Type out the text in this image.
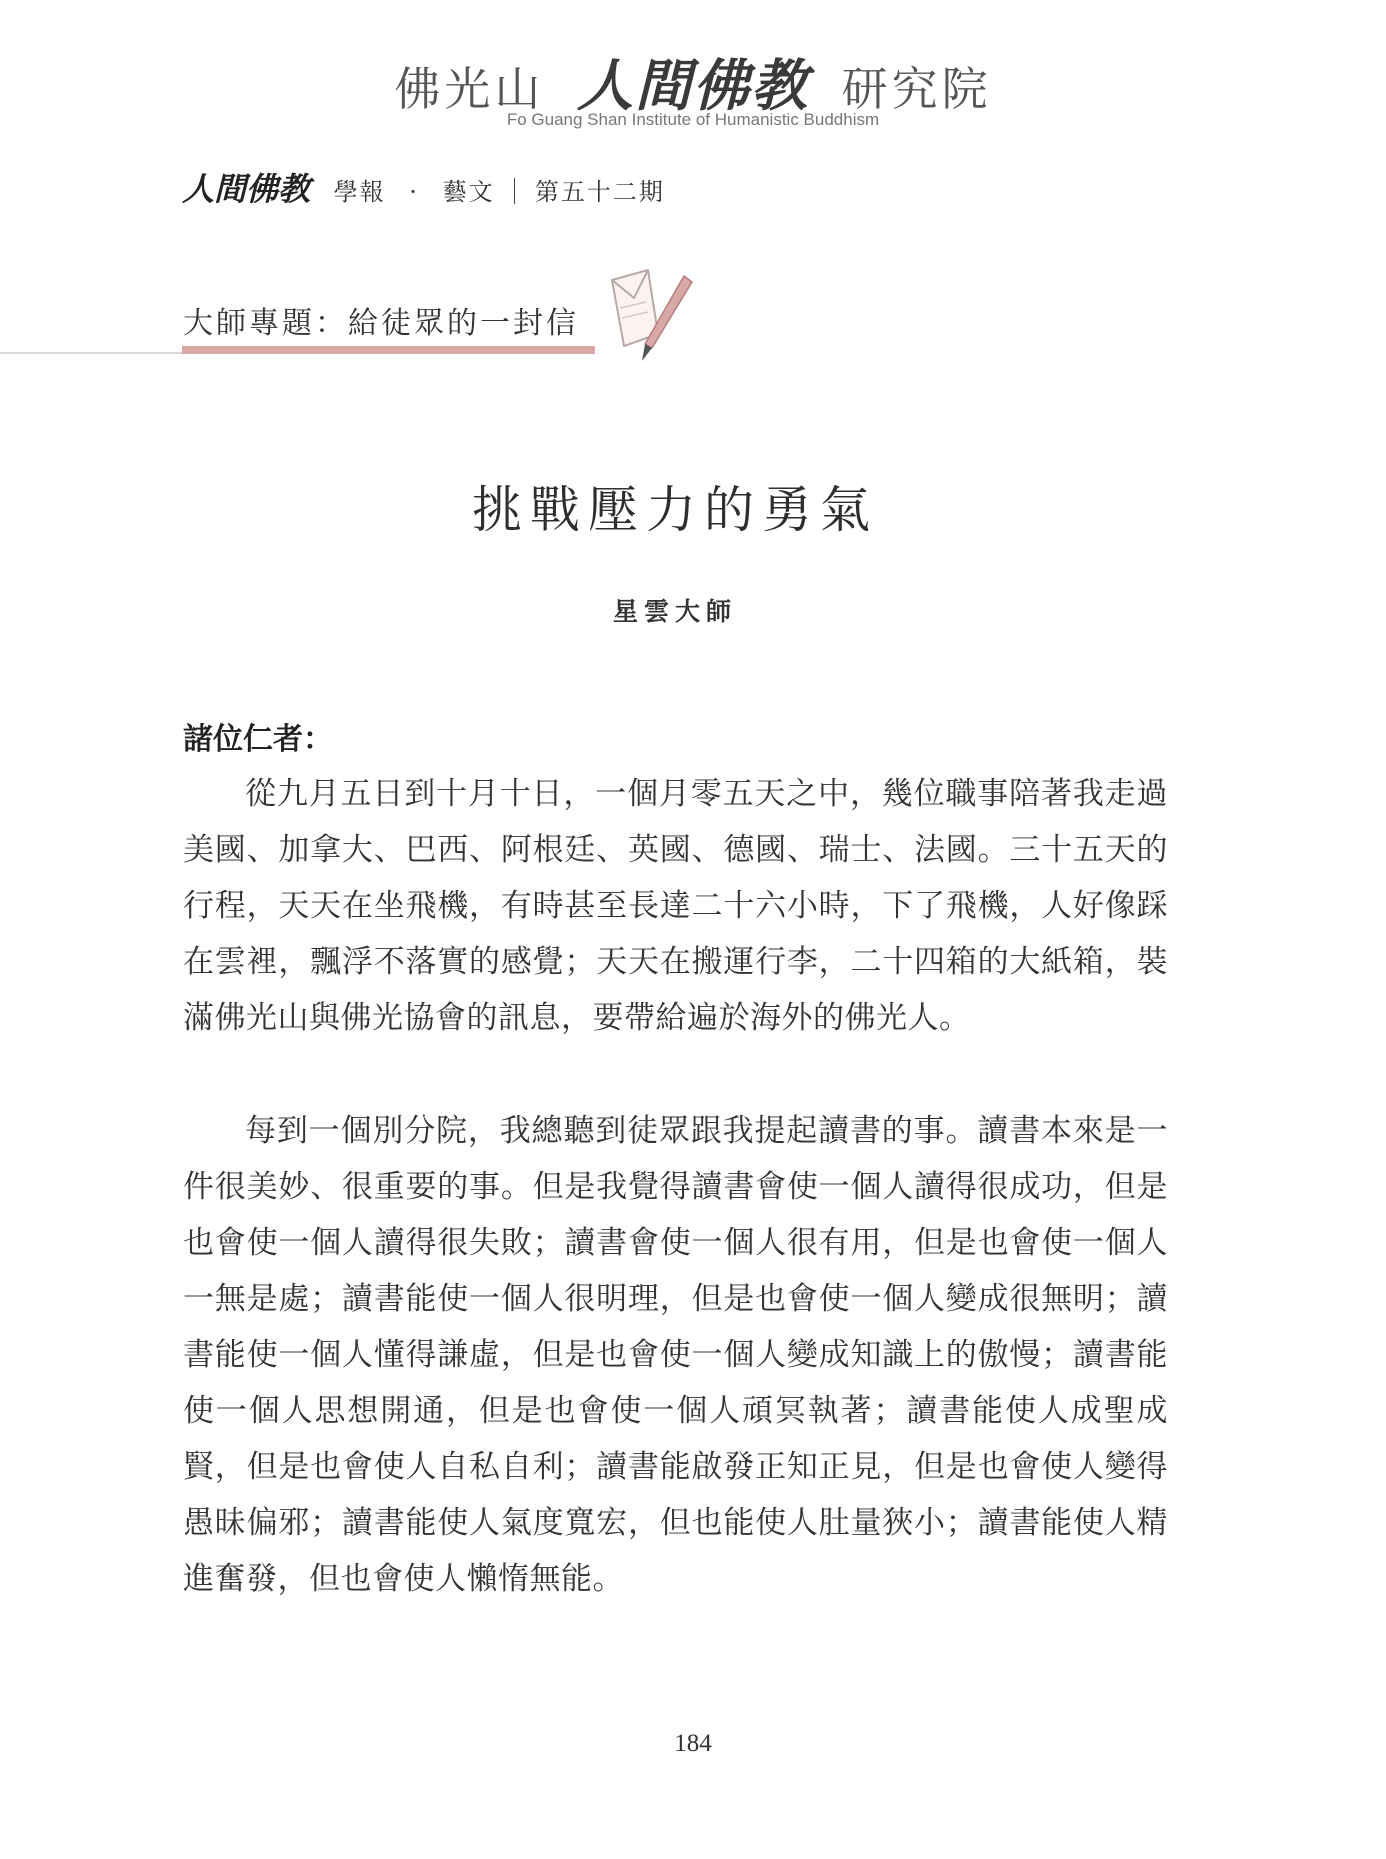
佛光山 人間佛教 研究院
Fo Guang Shan Institute of Humanistic Buddhism
人間佛教 學報 · 藝文 第五十二期
大師專題：給徒眾的一封信
挑戰壓力的勇氣
星雲大師
諸位仁者：

從九月五日到十月十日，一個月零五天之中，幾位職事陪著我走過美國、加拿大、巴西、阿根廷、英國、德國、瑞士、法國。三十五天的行程，天天在坐飛機，有時甚至長達二十六小時，下了飛機，人好像踩在雲裡，飄浮不落實的感覺；天天在搬運行李，二十四箱的大紙箱，裝滿佛光山與佛光協會的訊息，要帶給遍於海外的佛光人。

每到一個別分院，我總聽到徒眾跟我提起讀書的事。讀書本來是一件很美妙、很重要的事。但是我覺得讀書會使一個人讀得很成功，但是也會使一個人讀得很失敗；讀書會使一個人很有用，但是也會使一個人一無是處；讀書能使一個人很明理，但是也會使一個人變成很無明；讀書能使一個人懂得謙虛，但是也會使一個人變成知識上的傲慢；讀書能使一個人思想開通，但是也會使一個人頑冥執著；讀書能使人成聖成賢，但是也會使人自私自利；讀書能啟發正知正見，但是也會使人變得愚昧偏邪；讀書能使人氣度寬宏，但也能使人肚量狹小；讀書能使人精進奮發，但也會使人懶惰無能。

184
